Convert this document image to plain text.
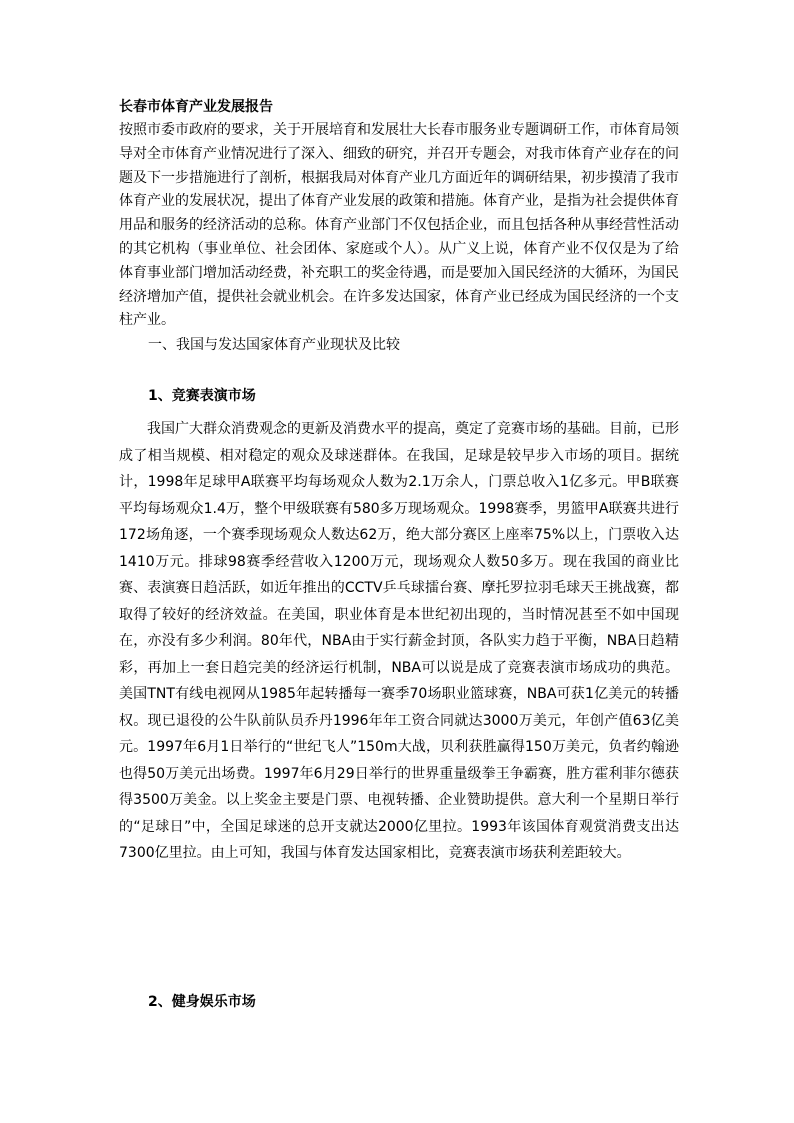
长春市体育产业发展报告

按照市委市政府的要求，关于开展培育和发展壮大长春市服务业专题调研工作，市体育局领导对全市体育产业情况进行了深入、细致的研究，并召开专题会，对我市体育产业存在的问题及下一步措施进行了剖析，根据我局对体育产业几方面近年的调研结果，初步摸清了我市体育产业的发展状况，提出了体育产业发展的政策和措施。体育产业，是指为社会提供体育用品和服务的经济活动的总称。体育产业部门不仅包括企业，而且包括各种从事经营性活动的其它机构（事业单位、社会团体、家庭或个人）。从广义上说，体育产业不仅仅是为了给体育事业部门增加活动经费，补充职工的奖金待遇，而是要加入国民经济的大循环，为国民经济增加产值，提供社会就业机会。在许多发达国家，体育产业已经成为国民经济的一个支柱产业。

一、我国与发达国家体育产业现状及比较
1、竞赛表演市场

我国广大群众消费观念的更新及消费水平的提高，奠定了竞赛市场的基础。目前，已形成了相当规模、相对稳定的观众及球迷群体。在我国，足球是较早步入市场的项目。据统计，1998年足球甲A联赛平均每场观众人数为2.1万余人，门票总收入1亿多元。甲B联赛平均每场观众1.4万，整个甲级联赛有580多万现场观众。1998赛季，男篮甲A联赛共进行172场角逐，一个赛季现场观众人数达62万，绝大部分赛区上座率75%以上，门票收入达1410万元。排球98赛季经营收入1200万元，现场观众人数50多万。现在我国的商业比赛、表演赛日趋活跃，如近年推出的CCTV乒乓球擂台赛、摩托罗拉羽毛球天王挑战赛，都取得了较好的经济效益。在美国，职业体育是本世纪初出现的，当时情况甚至不如中国现在，亦没有多少利润。80年代，NBA由于实行薪金封顶，各队实力趋于平衡，NBA日趋精彩，再加上一套日趋完美的经济运行机制，NBA可以说是成了竞赛表演市场成功的典范。美国TNT有线电视网从1985年起转播每一赛季70场职业篮球赛，NBA可获1亿美元的转播权。现已退役的公牛队前队员乔丹1996年年工资合同就达3000万美元，年创产值63亿美元。1997年6月1日举行的“世纪飞人”150m大战，贝利获胜赢得150万美元，负者约翰逊也得50万美元出场费。1997年6月29日举行的世界重量级拳王争霸赛，胜方霍利菲尔德获得3500万美金。以上奖金主要是门票、电视转播、企业赞助提供。意大利一个星期日举行的“足球日”中，全国足球迷的总开支就达2000亿里拉。1993年该国体育观赏消费支出达7300亿里拉。由上可知，我国与体育发达国家相比，竞赛表演市场获利差距较大。

2、健身娱乐市场
